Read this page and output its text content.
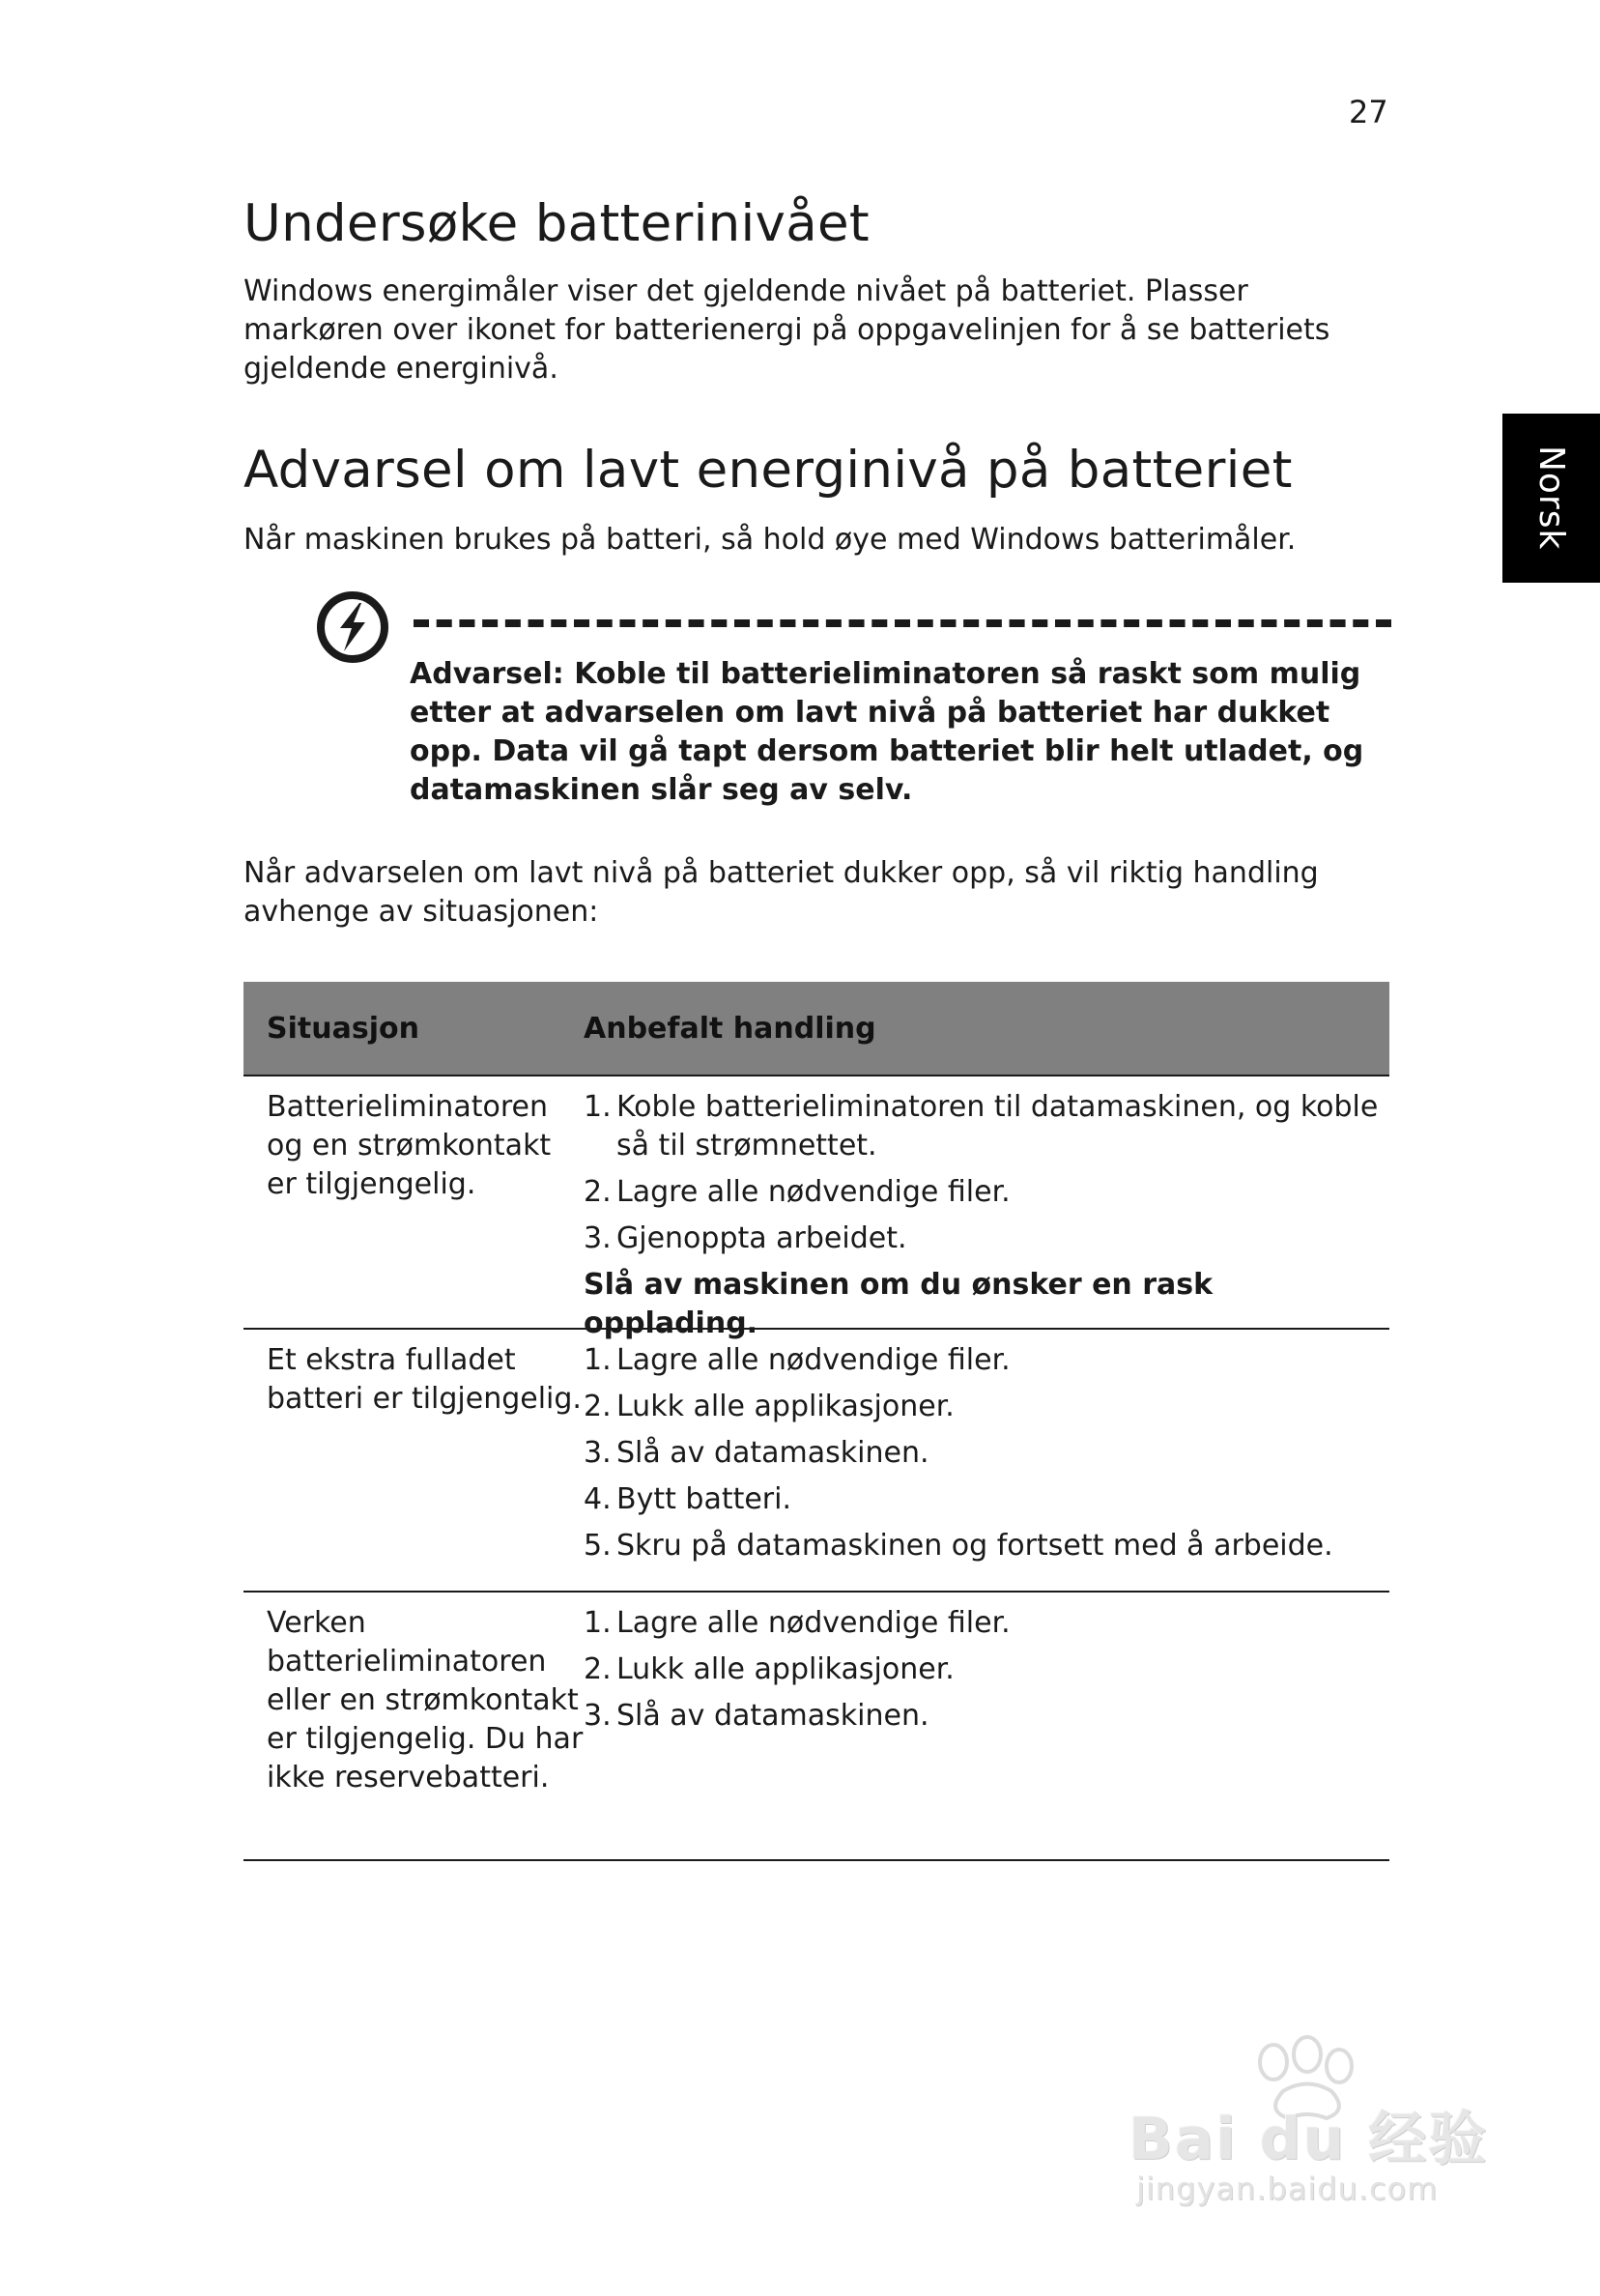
27
Norsk
Undersøke batterinivået

Windows energimåler viser det gjeldende nivået på batteriet. Plasser markøren over ikonet for batterienergi på oppgavelinjen for å se batteriets gjeldende energinivå.

Advarsel om lavt energinivå på batteriet

Når maskinen brukes på batteri, så hold øye med Windows batterimåler.

Advarsel: Koble til batterieliminatoren så raskt som mulig etter at advarselen om lavt nivå på batteriet har dukket opp. Data vil gå tapt dersom batteriet blir helt utladet, og datamaskinen slår seg av selv.

Når advarselen om lavt nivå på batteriet dukker opp, så vil riktig handling avhenge av situasjonen:

Situasjon	Anbefalt handling
Batterieliminatoren og en strømkontakt er tilgjengelig.
1. Koble batterieliminatoren til datamaskinen, og koble så til strømnettet.
2. Lagre alle nødvendige filer.
3. Gjenoppta arbeidet.
Slå av maskinen om du ønsker en rask opplading.
Et ekstra fulladet batteri er tilgjengelig.
1. Lagre alle nødvendige filer.
2. Lukk alle applikasjoner.
3. Slå av datamaskinen.
4. Bytt batteri.
5. Skru på datamaskinen og fortsett med å arbeide.
Verken batterieliminatoren eller en strømkontakt er tilgjengelig. Du har ikke reservebatteri.
1. Lagre alle nødvendige filer.
2. Lukk alle applikasjoner.
3. Slå av datamaskinen.
Bai du 经验
jingyan.baidu.com
